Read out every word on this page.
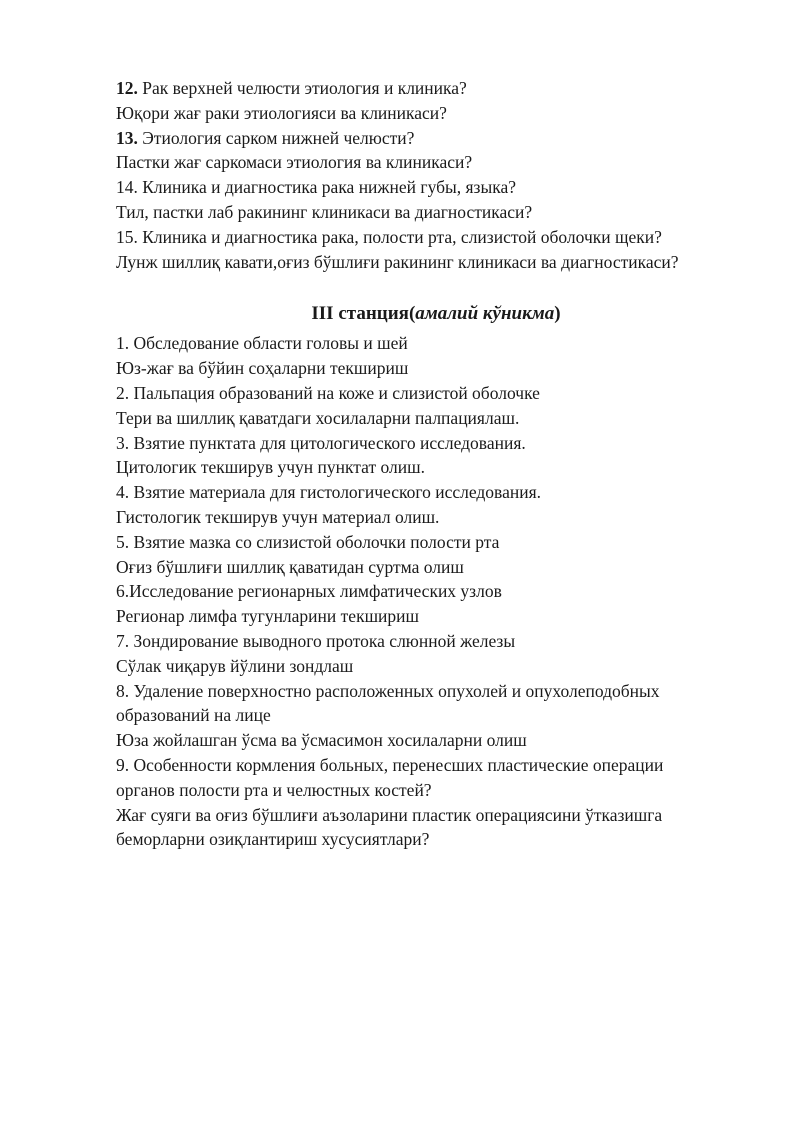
12. Рак верхней челюсти этиология и клиника?

Юқори жағ раки этиологияси ва клиникаси?

13. Этиология сарком нижней челюсти?

Пастки жағ саркомаси этиология ва клиникаси?

14. Клиника и диагностика рака нижней губы, языка?

Тил, пастки лаб ракининг клиникаси ва диагностикаси?

15. Клиника и диагностика рака, полости рта, слизистой оболочки щеки?

Лунж шиллиқ кавати,оғиз бўшлиғи ракининг клиникаси ва диагностикаси?

III станция(амалий кўникма)

1. Обследование области головы и шей

Юз-жағ ва бўйин соҳаларни текшириш

2. Пальпация образований на коже и слизистой оболочке

Тери ва шиллиқ қаватдаги хосилаларни палпациялаш.

3. Взятие пунктата для цитологического исследования.

Цитологик текширув учун пунктат олиш.

4. Взятие материала для гистологического исследования.

Гистологик текширув учун материал олиш.

5. Взятие мазка со слизистой оболочки полости рта

Оғиз бўшлиғи шиллиқ қаватидан суртма олиш

6.Исследование регионарных лимфатических узлов

Регионар лимфа тугунларини текшириш

7. Зондирование выводного протока слюнной железы

Сўлак чиқарув йўлини зондлаш

8. Удаление поверхностно расположенных опухолей и опухолеподобных

образований на лице

Юза жойлашган ўсма ва ўсмасимон хосилаларни олиш

9. Особенности кормления больных, перенесших пластические операции

органов полости рта и челюстных костей?

Жағ суяги ва оғиз бўшлиғи аъзоларини пластик операциясини ўтказишга

беморларни озиқлантириш хусусиятлари?
